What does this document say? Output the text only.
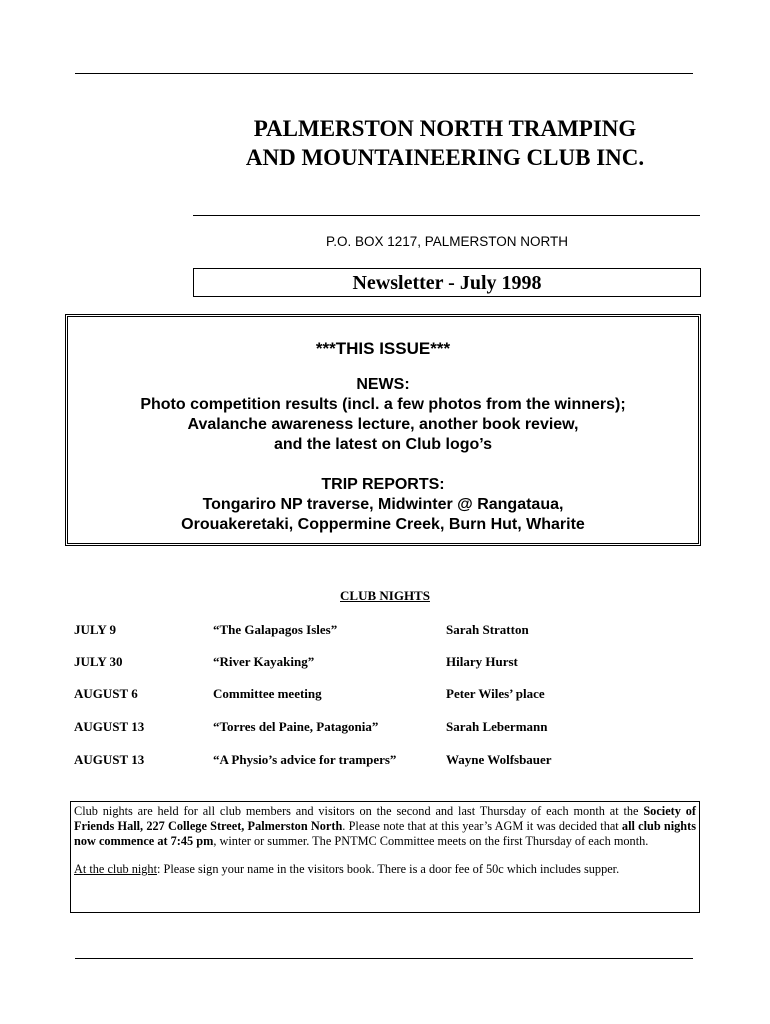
PALMERSTON NORTH TRAMPING
AND MOUNTAINEERING CLUB INC.
P.O. BOX 1217, PALMERSTON NORTH
Newsletter - July 1998
***THIS ISSUE***
NEWS:
Photo competition results (incl. a few photos from the winners);
Avalanche awareness lecture, another book review,
and the latest on Club logo’s
TRIP REPORTS:
Tongariro NP traverse, Midwinter @ Rangataua,
Orouakeretaki, Coppermine Creek, Burn Hut, Wharite
CLUB NIGHTS
JULY 9	“The Galapagos Isles”	Sarah Stratton
JULY 30	“River Kayaking”	Hilary Hurst
AUGUST 6	Committee meeting	Peter Wiles’ place
AUGUST 13	“Torres del Paine, Patagonia”	Sarah Lebermann
AUGUST 13	“A Physio’s advice for trampers”	Wayne Wolfsbauer

Club nights are held for all club members and visitors on the second and last Thursday of each month at the Society of Friends Hall, 227 College Street, Palmerston North. Please note that at this year’s AGM it was decided that all club nights now commence at 7:45 pm, winter or summer. The PNTMC Committee meets on the first Thursday of each month.

At the club night: Please sign your name in the visitors book. There is a door fee of 50c which includes supper.
